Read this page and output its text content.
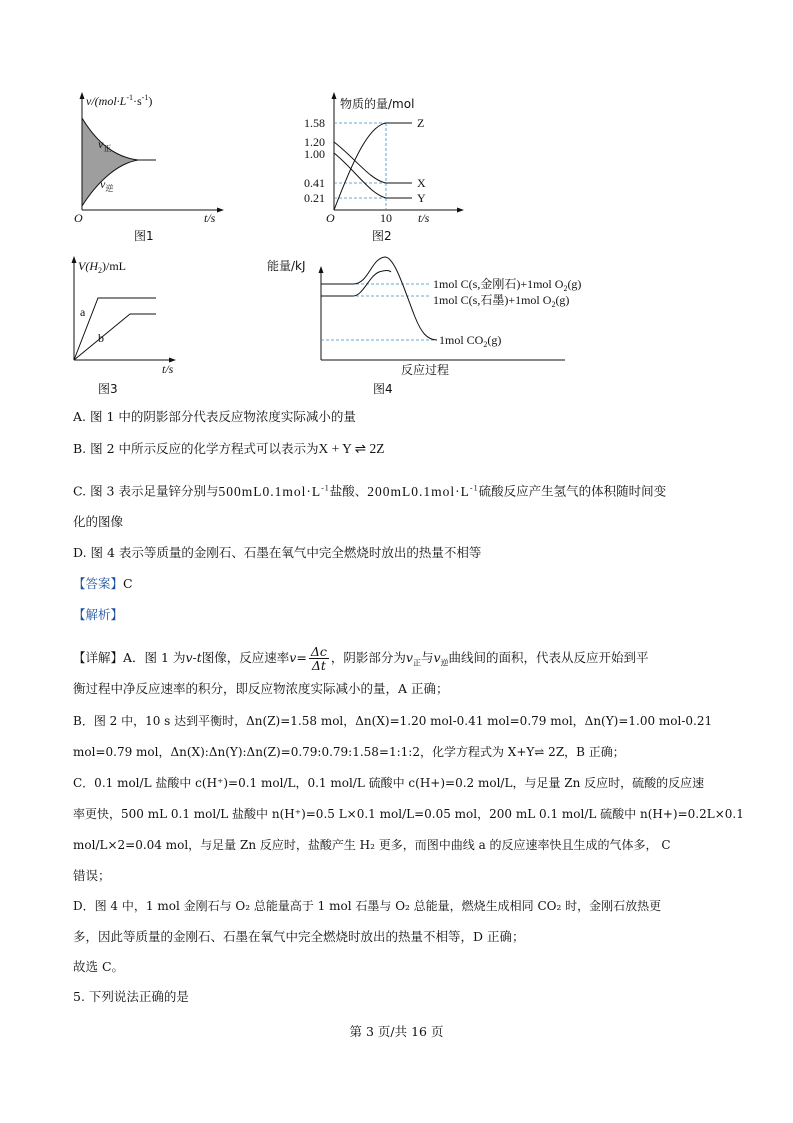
$v/(mol\cdot L^{-1}\cdot s^{-1})$
$v_正$
$v_逆$
O	t/s
图1
物质的量/mol
1.58
1.20
1.00
0.41
0.21
Z
X
Y
O	10 t/s
图2
$V(H_2)/mL$
a
b
t/s
图3
能量/kJ
1mol C(s,金刚石)+1mol $O_2(g)$
1mol C(s,石墨)+1mol $O_2(g)$
1mol $CO_2(g)$
反应过程
图4
A. 图 1 中的阴影部分代表反应物浓度实际减小的量
B. 图 2 中所示反应的化学方程式可以表示为X + Y ⇌ 2Z
C. 图 3 表示足量锌分别与$500mL0.1mol\cdot L^{-1}$盐酸、$200mL0.1mol\cdot L^{-1}$硫酸反应产生氢气的体积随时间变
化的图像
D. 图 4 表示等质量的金刚石、石墨在氧气中完全燃烧时放出的热量不相等
【答案】C
【解析】
【详解】A．图 1 为v-t图像，反应速率$v= \frac{\Delta c}{\Delta t}$ ，阴影部分为$v_正$与$v_逆$曲线间的面积，代表从反应开始到平
衡过程中净反应速率的积分，即反应物浓度实际减小的量，A 正确；
B．图 2 中，10 s 达到平衡时，Δn(Z)=1.58 mol，Δn(X)=1.20 mol-0.41 mol=0.79 mol，Δn(Y)=1.00 mol-0.21
mol=0.79 mol，Δn(X):Δn(Y):Δn(Z)=0.79:0.79:1.58=1:1:2，化学方程式为 X+Y⇌ 2Z，B 正确；
C．0.1 mol/L 盐酸中 c(H⁺)=0.1 mol/L，0.1 mol/L 硫酸中 c(H+)=0.2 mol/L，与足量 Zn 反应时，硫酸的反应速
率更快，500 mL 0.1 mol/L 盐酸中 n(H⁺)=0.5 L×0.1 mol/L=0.05 mol，200 mL 0.1 mol/L 硫酸中 n(H+)=0.2L×0.1
mol/L×2=0.04 mol，与足量 Zn 反应时，盐酸产生 H₂ 更多，而图中曲线 a 的反应速率快且生成的气体多， C
错误；
D．图 4 中，1 mol 金刚石与 O₂ 总能量高于 1 mol 石墨与 O₂ 总能量，燃烧生成相同 CO₂ 时，金刚石放热更
多，因此等质量的金刚石、石墨在氧气中完全燃烧时放出的热量不相等，D 正确；
故选 C。
5. 下列说法正确的是
第 3 页/共 16 页
